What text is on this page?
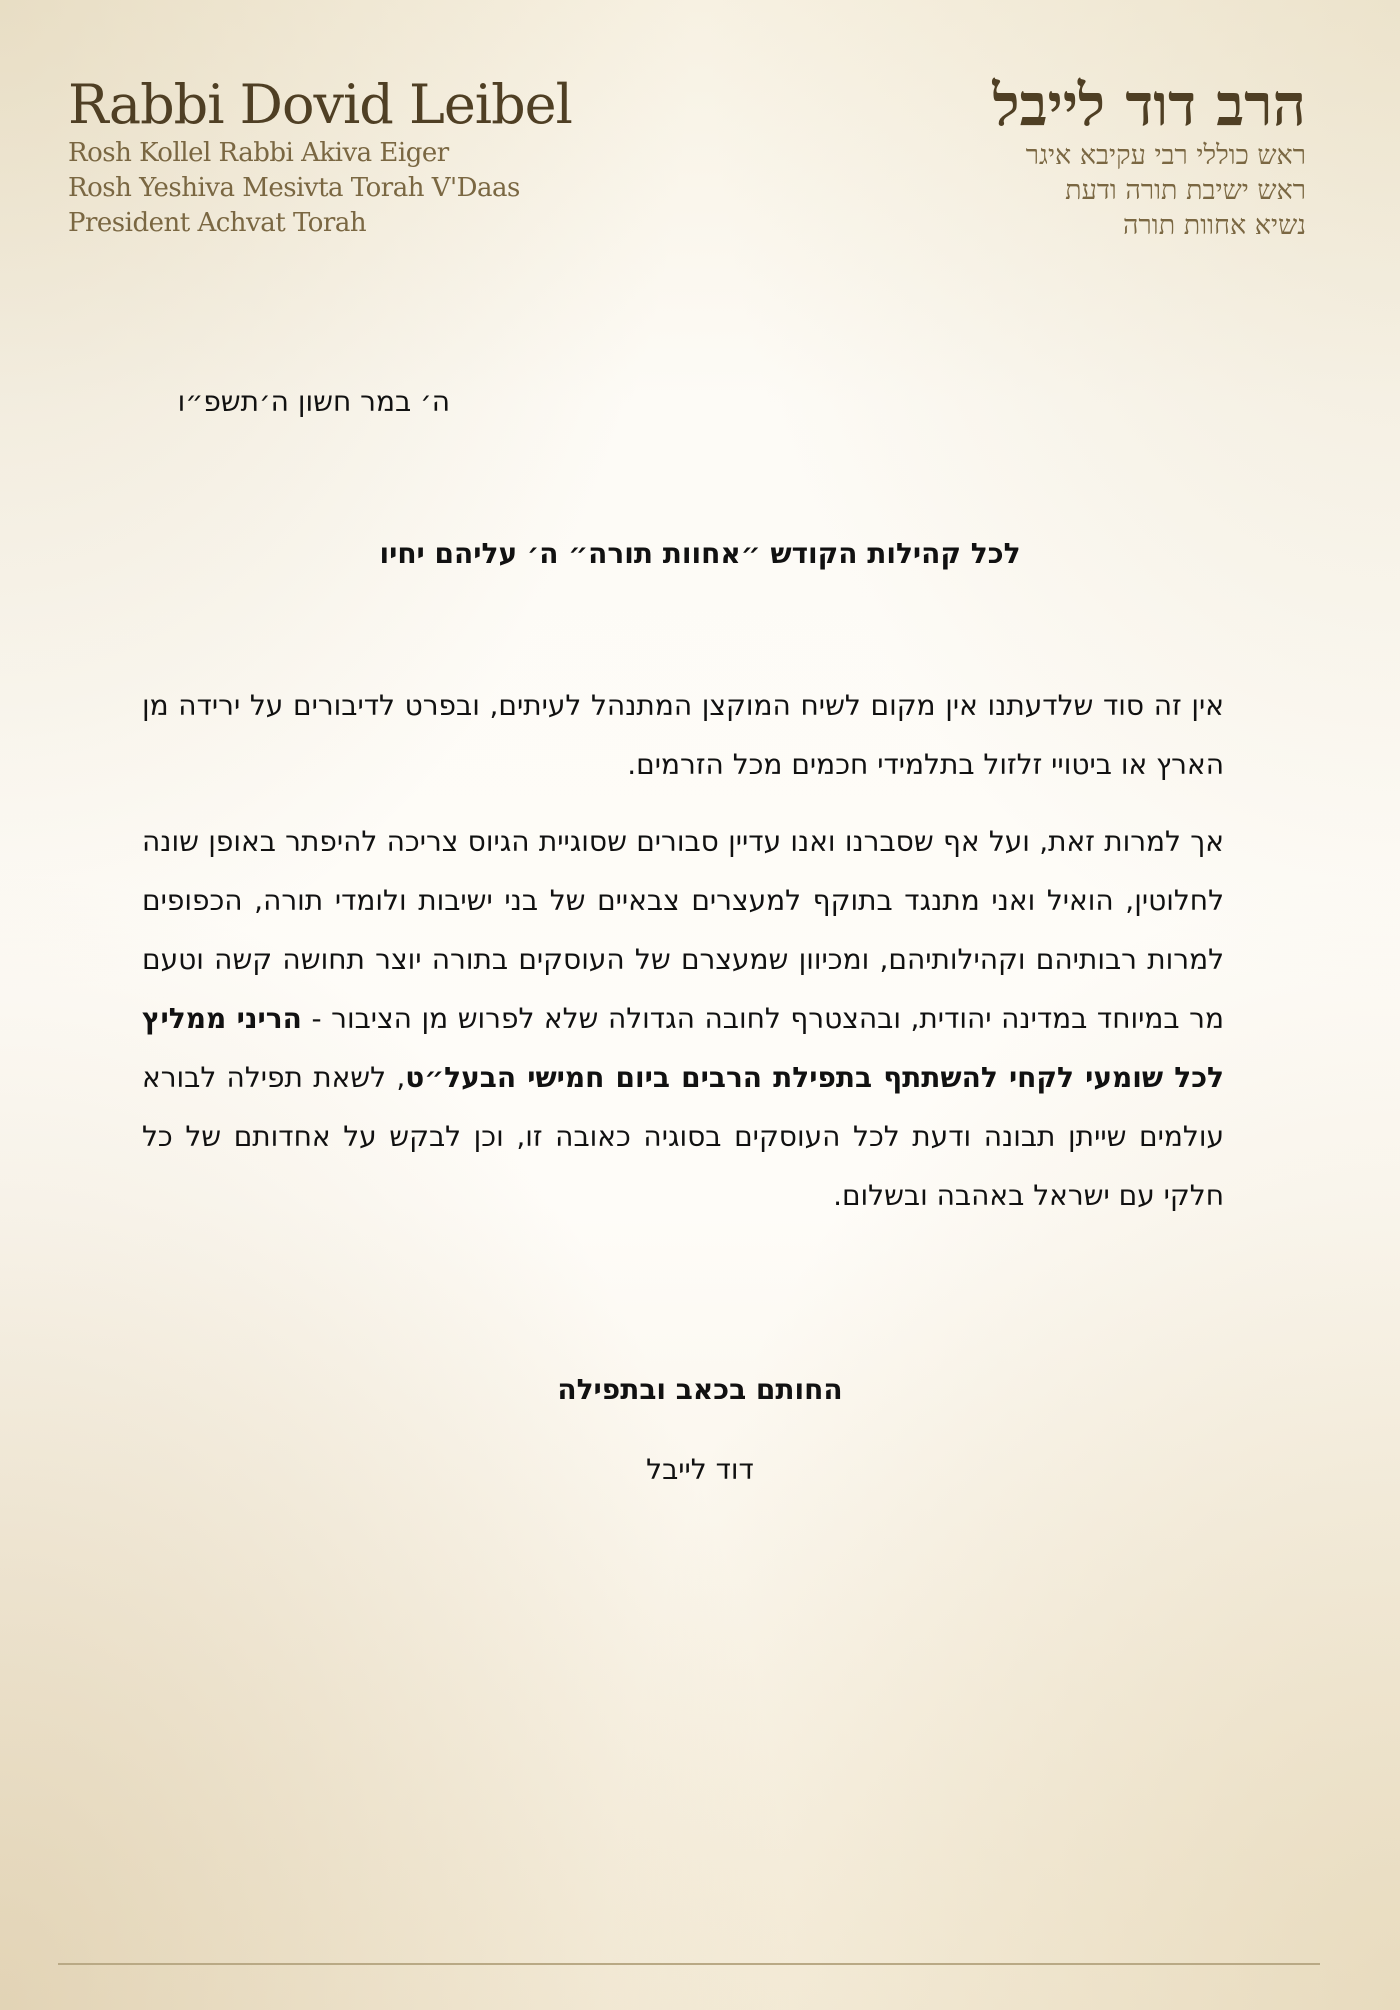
Rabbi Dovid Leibel
Rosh Kollel Rabbi Akiva Eiger
Rosh Yeshiva Mesivta Torah V'Daas
President Achvat Torah
הרב דוד לייבל
ראש כוללי רבי עקיבא איגר
ראש ישיבת תורה ודעת
נשיא אחוות תורה
ה׳ במר חשון ה׳תשפ״ו
לכל קהילות הקודש ״אחוות תורה״ ה׳ עליהם יחיו

אין זה סוד שלדעתנו אין מקום לשיח המוקצן המתנהל לעיתים, ובפרט לדיבורים על ירידה מן הארץ או ביטויי זלזול בתלמידי חכמים מכל הזרמים.

אך למרות זאת, ועל אף שסברנו ואנו עדיין סבורים שסוגיית הגיוס צריכה להיפתר באופן שונה לחלוטין, הואיל ואני מתנגד בתוקף למעצרים צבאיים של בני ישיבות ולומדי תורה, הכפופים למרות רבותיהם וקהילותיהם, ומכיוון שמעצרם של העוסקים בתורה יוצר תחושה קשה וטעם מר במיוחד במדינה יהודית, ובהצטרף לחובה הגדולה שלא לפרוש מן הציבור - הריני ממליץ לכל שומעי לקחי להשתתף בתפילת הרבים ביום חמישי הבעל״ט, לשאת תפילה לבורא עולמים שייתן תבונה ודעת לכל העוסקים בסוגיה כאובה זו, וכן לבקש על אחדותם של כל חלקי עם ישראל באהבה ובשלום.

החותם בכאב ובתפילה
דוד לייבל
